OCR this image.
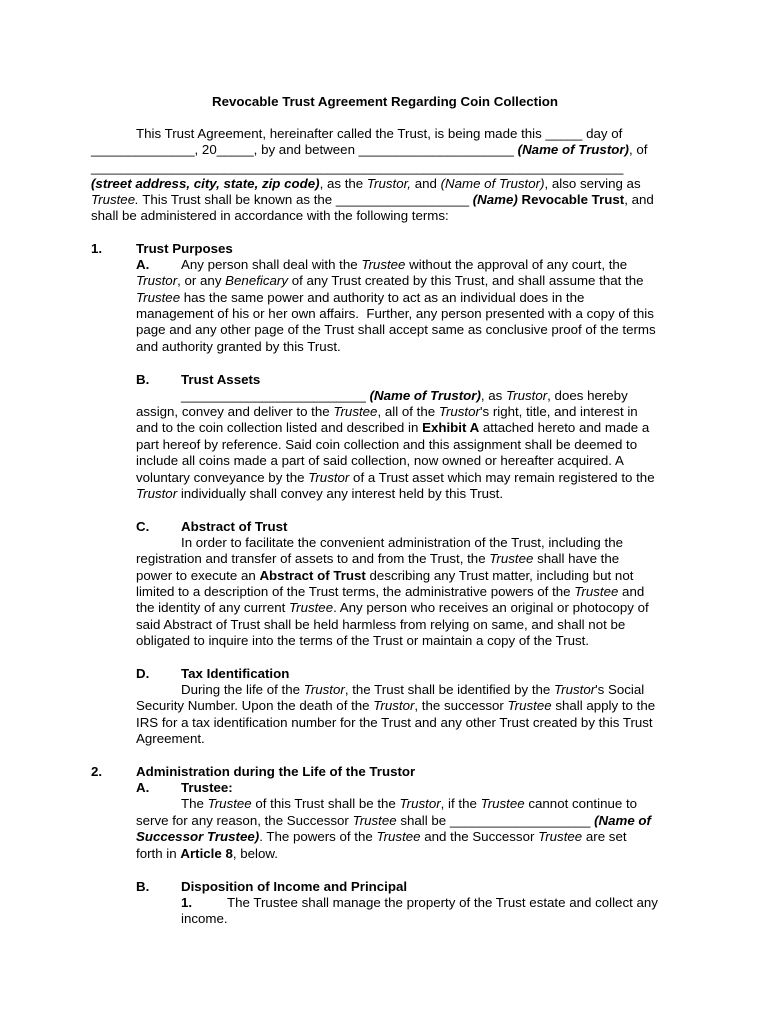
Revocable Trust Agreement Regarding Coin Collection
This Trust Agreement, hereinafter called the Trust, is being made this _____ day of
______________, 20_____, by and between _____________________ (Name of Trustor), of
________________________________________________________________________
(street address, city, state, zip code), as the Trustor, and (Name of Trustor), also serving as
Trustee. This Trust shall be known as the __________________ (Name) Revocable Trust, and
shall be administered in accordance with the following terms:
1.	Trust Purposes
A. Any person shall deal with the Trustee without the approval of any court, the
Trustor, or any Beneficary of any Trust created by this Trust, and shall assume that the
Trustee has the same power and authority to act as an individual does in the
management of his or her own affairs.  Further, any person presented with a copy of this
page and any other page of the Trust shall accept same as conclusive proof of the terms
and authority granted by this Trust.
B. Trust Assets
_________________________ (Name of Trustor), as Trustor, does hereby
assign, convey and deliver to the Trustee, all of the Trustor's right, title, and interest in
and to the coin collection listed and described in Exhibit A attached hereto and made a
part hereof by reference. Said coin collection and this assignment shall be deemed to
include all coins made a part of said collection, now owned or hereafter acquired. A
voluntary conveyance by the Trustor of a Trust asset which may remain registered to the
Trustor individually shall convey any interest held by this Trust.
C. Abstract of Trust
In order to facilitate the convenient administration of the Trust, including the
registration and transfer of assets to and from the Trust, the Trustee shall have the
power to execute an Abstract of Trust describing any Trust matter, including but not
limited to a description of the Trust terms, the administrative powers of the Trustee and
the identity of any current Trustee. Any person who receives an original or photocopy of
said Abstract of Trust shall be held harmless from relying on same, and shall not be
obligated to inquire into the terms of the Trust or maintain a copy of the Trust.
D. Tax Identification
During the life of the Trustor, the Trust shall be identified by the Trustor's Social
Security Number. Upon the death of the Trustor, the successor Trustee shall apply to the
IRS for a tax identification number for the Trust and any other Trust created by this Trust
Agreement.
2.	Administration during the Life of the Trustor
A. Trustee:
The Trustee of this Trust shall be the Trustor, if the Trustee cannot continue to
serve for any reason, the Successor Trustee shall be ___________________ (Name of
Successor Trustee). The powers of the Trustee and the Successor Trustee are set
forth in Article 8, below.
B. Disposition of Income and Principal
1.	The Trustee shall manage the property of the Trust estate and collect any
income.
